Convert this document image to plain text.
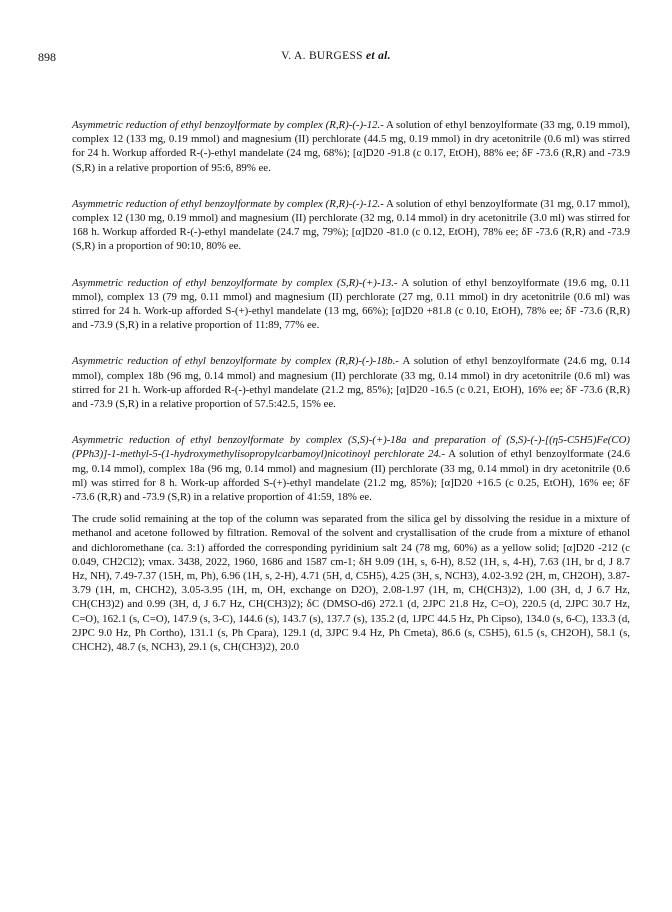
898	V. A. BURGESS et al.

Asymmetric reduction of ethyl benzoylformate by complex (R,R)-(-)-12.- A solution of ethyl benzoylformate (33 mg, 0.19 mmol), complex 12 (133 mg, 0.19 mmol) and magnesium (II) perchlorate (44.5 mg, 0.19 mmol) in dry acetonitrile (0.6 ml) was stirred for 24 h. Workup afforded R-(-)-ethyl mandelate (24 mg, 68%); [α]D20 -91.8 (c 0.17, EtOH), 88% ee; δF -73.6 (R,R) and -73.9 (S,R) in a relative proportion of 95:6, 89% ee.

Asymmetric reduction of ethyl benzoylformate by complex (R,R)-(-)-12.- A solution of ethyl benzoylformate (31 mg, 0.17 mmol), complex 12 (130 mg, 0.19 mmol) and magnesium (II) perchlorate (32 mg, 0.14 mmol) in dry acetonitrile (3.0 ml) was stirred for 168 h. Workup afforded R-(-)-ethyl mandelate (24.7 mg, 79%); [α]D20 -81.0 (c 0.12, EtOH), 78% ee; δF -73.6 (R,R) and -73.9 (S,R) in a proportion of 90:10, 80% ee.

Asymmetric reduction of ethyl benzoylformate by complex (S,R)-(+)-13.- A solution of ethyl benzoylformate (19.6 mg, 0.11 mmol), complex 13 (79 mg, 0.11 mmol) and magnesium (II) perchlorate (27 mg, 0.11 mmol) in dry acetonitrile (0.6 ml) was stirred for 24 h. Work-up afforded S-(+)-ethyl mandelate (13 mg, 66%); [α]D20 +81.8 (c 0.10, EtOH), 78% ee; δF -73.6 (R,R) and -73.9 (S,R) in a relative proportion of 11:89, 77% ee.

Asymmetric reduction of ethyl benzoylformate by complex (R,R)-(-)-18b.- A solution of ethyl benzoylformate (24.6 mg, 0.14 mmol), complex 18b (96 mg, 0.14 mmol) and magnesium (II) perchlorate (33 mg, 0.14 mmol) in dry acetonitrile (0.6 ml) was stirred for 21 h. Work-up afforded R-(-)-ethyl mandelate (21.2 mg, 85%); [α]D20 -16.5 (c 0.21, EtOH), 16% ee; δF -73.6 (R,R) and -73.9 (S,R) in a relative proportion of 57.5:42.5, 15% ee.

Asymmetric reduction of ethyl benzoylformate by complex (S,S)-(+)-18a and preparation of (S,S)-(-)-[(η5-C5H5)Fe(CO)(PPh3)]-1-methyl-5-(1-hydroxymethylisopropylcarbamoyl)nicotinoyl perchlorate 24.- A solution of ethyl benzoylformate (24.6 mg, 0.14 mmol), complex 18a (96 mg, 0.14 mmol) and magnesium (II) perchlorate (33 mg, 0.14 mmol) in dry acetonitrile (0.6 ml) was stirred for 8 h. Work-up afforded S-(+)-ethyl mandelate (21.2 mg, 85%); [α]D20 +16.5 (c 0.25, EtOH), 16% ee; δF -73.6 (R,R) and -73.9 (S,R) in a relative proportion of 41:59, 18% ee.

The crude solid remaining at the top of the column was separated from the silica gel by dissolving the residue in a mixture of methanol and acetone followed by filtration. Removal of the solvent and crystallisation of the crude from a mixture of ethanol and dichloromethane (ca. 3:1) afforded the corresponding pyridinium salt 24 (78 mg, 60%) as a yellow solid; [α]D20 -212 (c 0.049, CH2Cl2); νmax. 3438, 2022, 1960, 1686 and 1587 cm-1; δH 9.09 (1H, s, 6-H), 8.52 (1H, s, 4-H), 7.63 (1H, br d, J 8.7 Hz, NH), 7.49-7.37 (15H, m, Ph), 6.96 (1H, s, 2-H), 4.71 (5H, d, C5H5), 4.25 (3H, s, NCH3), 4.02-3.92 (2H, m, CH2OH), 3.87-3.79 (1H, m, CHCH2), 3.05-3.95 (1H, m, OH, exchange on D2O), 2.08-1.97 (1H, m, CH(CH3)2), 1.00 (3H, d, J 6.7 Hz, CH(CH3)2) and 0.99 (3H, d, J 6.7 Hz, CH(CH3)2); δC (DMSO-d6) 272.1 (d, 2JPC 21.8 Hz, C=O), 220.5 (d, 2JPC 30.7 Hz, C=O), 162.1 (s, C=O), 147.9 (s, 3-C), 144.6 (s), 143.7 (s), 137.7 (s), 135.2 (d, 1JPC 44.5 Hz, Ph Cipso), 134.0 (s, 6-C), 133.3 (d, 2JPC 9.0 Hz, Ph Cortho), 131.1 (s, Ph Cpara), 129.1 (d, 3JPC 9.4 Hz, Ph Cmeta), 86.6 (s, C5H5), 61.5 (s, CH2OH), 58.1 (s, CHCH2), 48.7 (s, NCH3), 29.1 (s, CH(CH3)2), 20.0
